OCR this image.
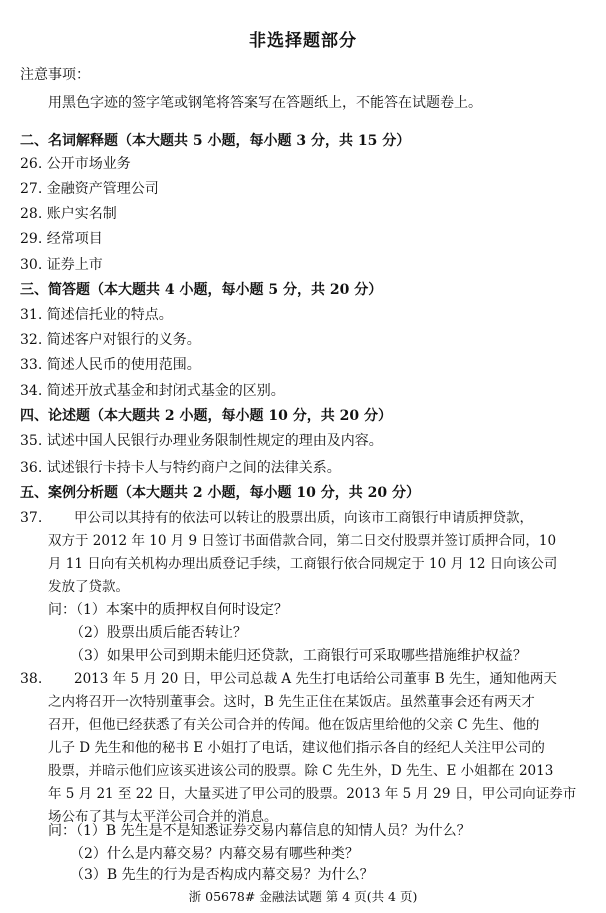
非选择题部分
注意事项：
用黑色字迹的签字笔或钢笔将答案写在答题纸上，不能答在试题卷上。
二、名词解释题（本大题共 5 小题，每小题 3 分，共 15 分）
26. 公开市场业务
27. 金融资产管理公司
28. 账户实名制
29. 经常项目
30. 证券上市
三、简答题（本大题共 4 小题，每小题 5 分，共 20 分）
31. 简述信托业的特点。
32. 简述客户对银行的义务。
33. 简述人民币的使用范围。
34. 简述开放式基金和封闭式基金的区别。
四、论述题（本大题共 2 小题，每小题 10 分，共 20 分）
35. 试述中国人民银行办理业务限制性规定的理由及内容。
36. 试述银行卡持卡人与特约商户之间的法律关系。
五、案例分析题（本大题共 2 小题，每小题 10 分，共 20 分）
37. 甲公司以其持有的依法可以转让的股票出质，向该市工商银行申请质押贷款，
双方于 2012 年 10 月 9 日签订书面借款合同，第二日交付股票并签订质押合同，10
月 11 日向有关机构办理出质登记手续，工商银行依合同规定于 10 月 12 日向该公司
发放了贷款。
问：（1）本案中的质押权自何时设定？
（2）股票出质后能否转让？
（3）如果甲公司到期未能归还贷款，工商银行可采取哪些措施维护权益？
38. 2013 年 5 月 20 日，甲公司总裁 A 先生打电话给公司董事 B 先生，通知他两天
之内将召开一次特别董事会。这时，B 先生正住在某饭店。虽然董事会还有两天才
召开，但他已经获悉了有关公司合并的传闻。他在饭店里给他的父亲 C 先生、他的
儿子 D 先生和他的秘书 E 小姐打了电话，建议他们指示各自的经纪人关注甲公司的
股票，并暗示他们应该买进该公司的股票。除 C 先生外，D 先生、E 小姐都在 2013
年 5 月 21 至 22 日，大量买进了甲公司的股票。2013 年 5 月 29 日，甲公司向证券市
场公布了其与太平洋公司合并的消息。
问：（1）B 先生是不是知悉证券交易内幕信息的知情人员？为什么？
（2）什么是内幕交易？内幕交易有哪些种类？
（3）B 先生的行为是否构成内幕交易？为什么？
浙 05678# 金融法试题 第 4 页(共 4 页)
